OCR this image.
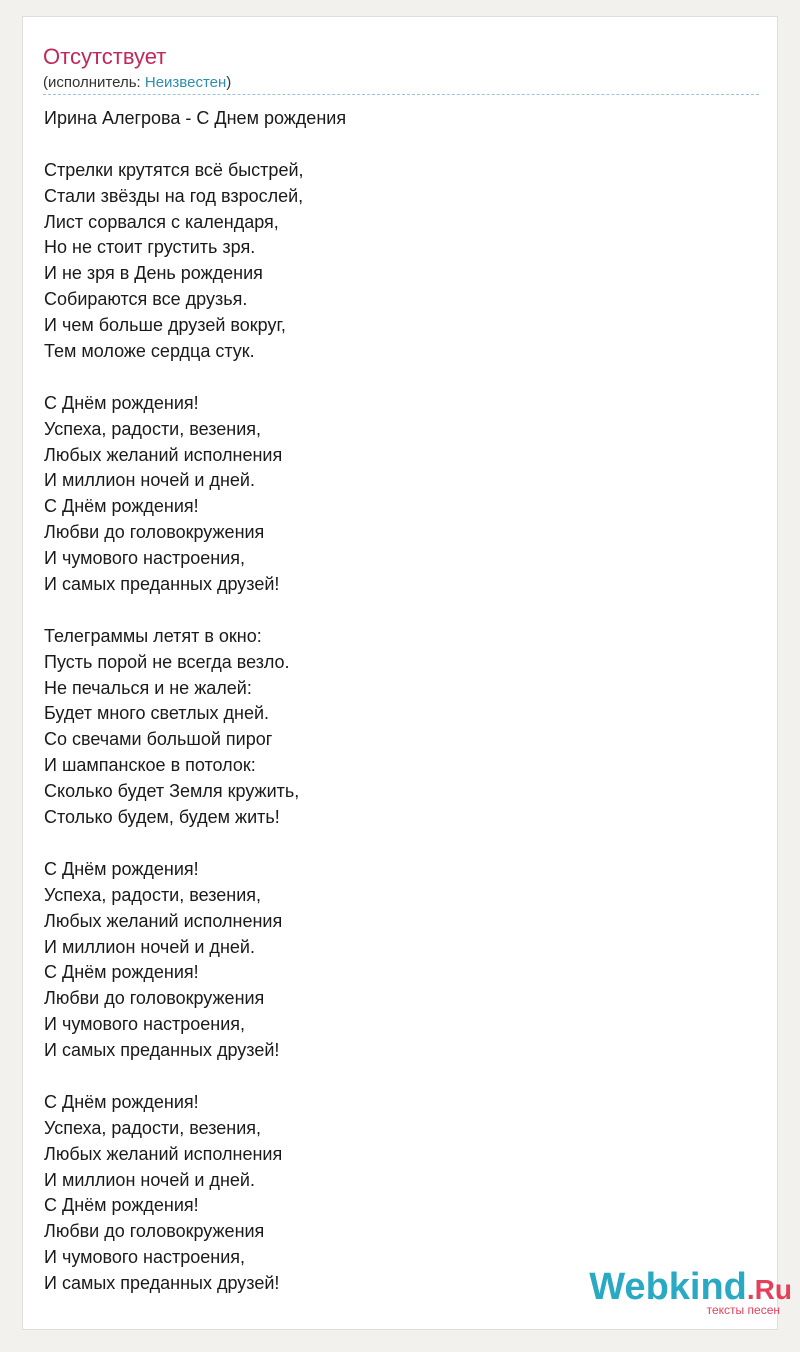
Отсутствует
(исполнитель: Неизвестен)
Ирина Алегрова - С Днем рождения
Стрелки крутятся всё быстрей,
Стали звёзды на год взрослей,
Лист сорвался с календаря,
Но не стоит грустить зря.
И не зря в День рождения
Собираются все друзья.
И чем больше друзей вокруг,
Тем моложе сердца стук.
С Днём рождения!
Успеха, радости, везения,
Любых желаний исполнения
И миллион ночей и дней.
С Днём рождения!
Любви до головокружения
И чумового настроения,
И самых преданных друзей!
Телеграммы летят в окно:
Пусть порой не всегда везло.
Не печалься и не жалей:
Будет много светлых дней.
Со свечами большой пирог
И шампанское в потолок:
Сколько будет Земля кружить,
Столько будем, будем жить!
С Днём рождения!
Успеха, радости, везения,
Любых желаний исполнения
И миллион ночей и дней.
С Днём рождения!
Любви до головокружения
И чумового настроения,
И самых преданных друзей!
С Днём рождения!
Успеха, радости, везения,
Любых желаний исполнения
И миллион ночей и дней.
С Днём рождения!
Любви до головокружения
И чумового настроения,
И самых преданных друзей!	Webkind.Ru
тексты песен
